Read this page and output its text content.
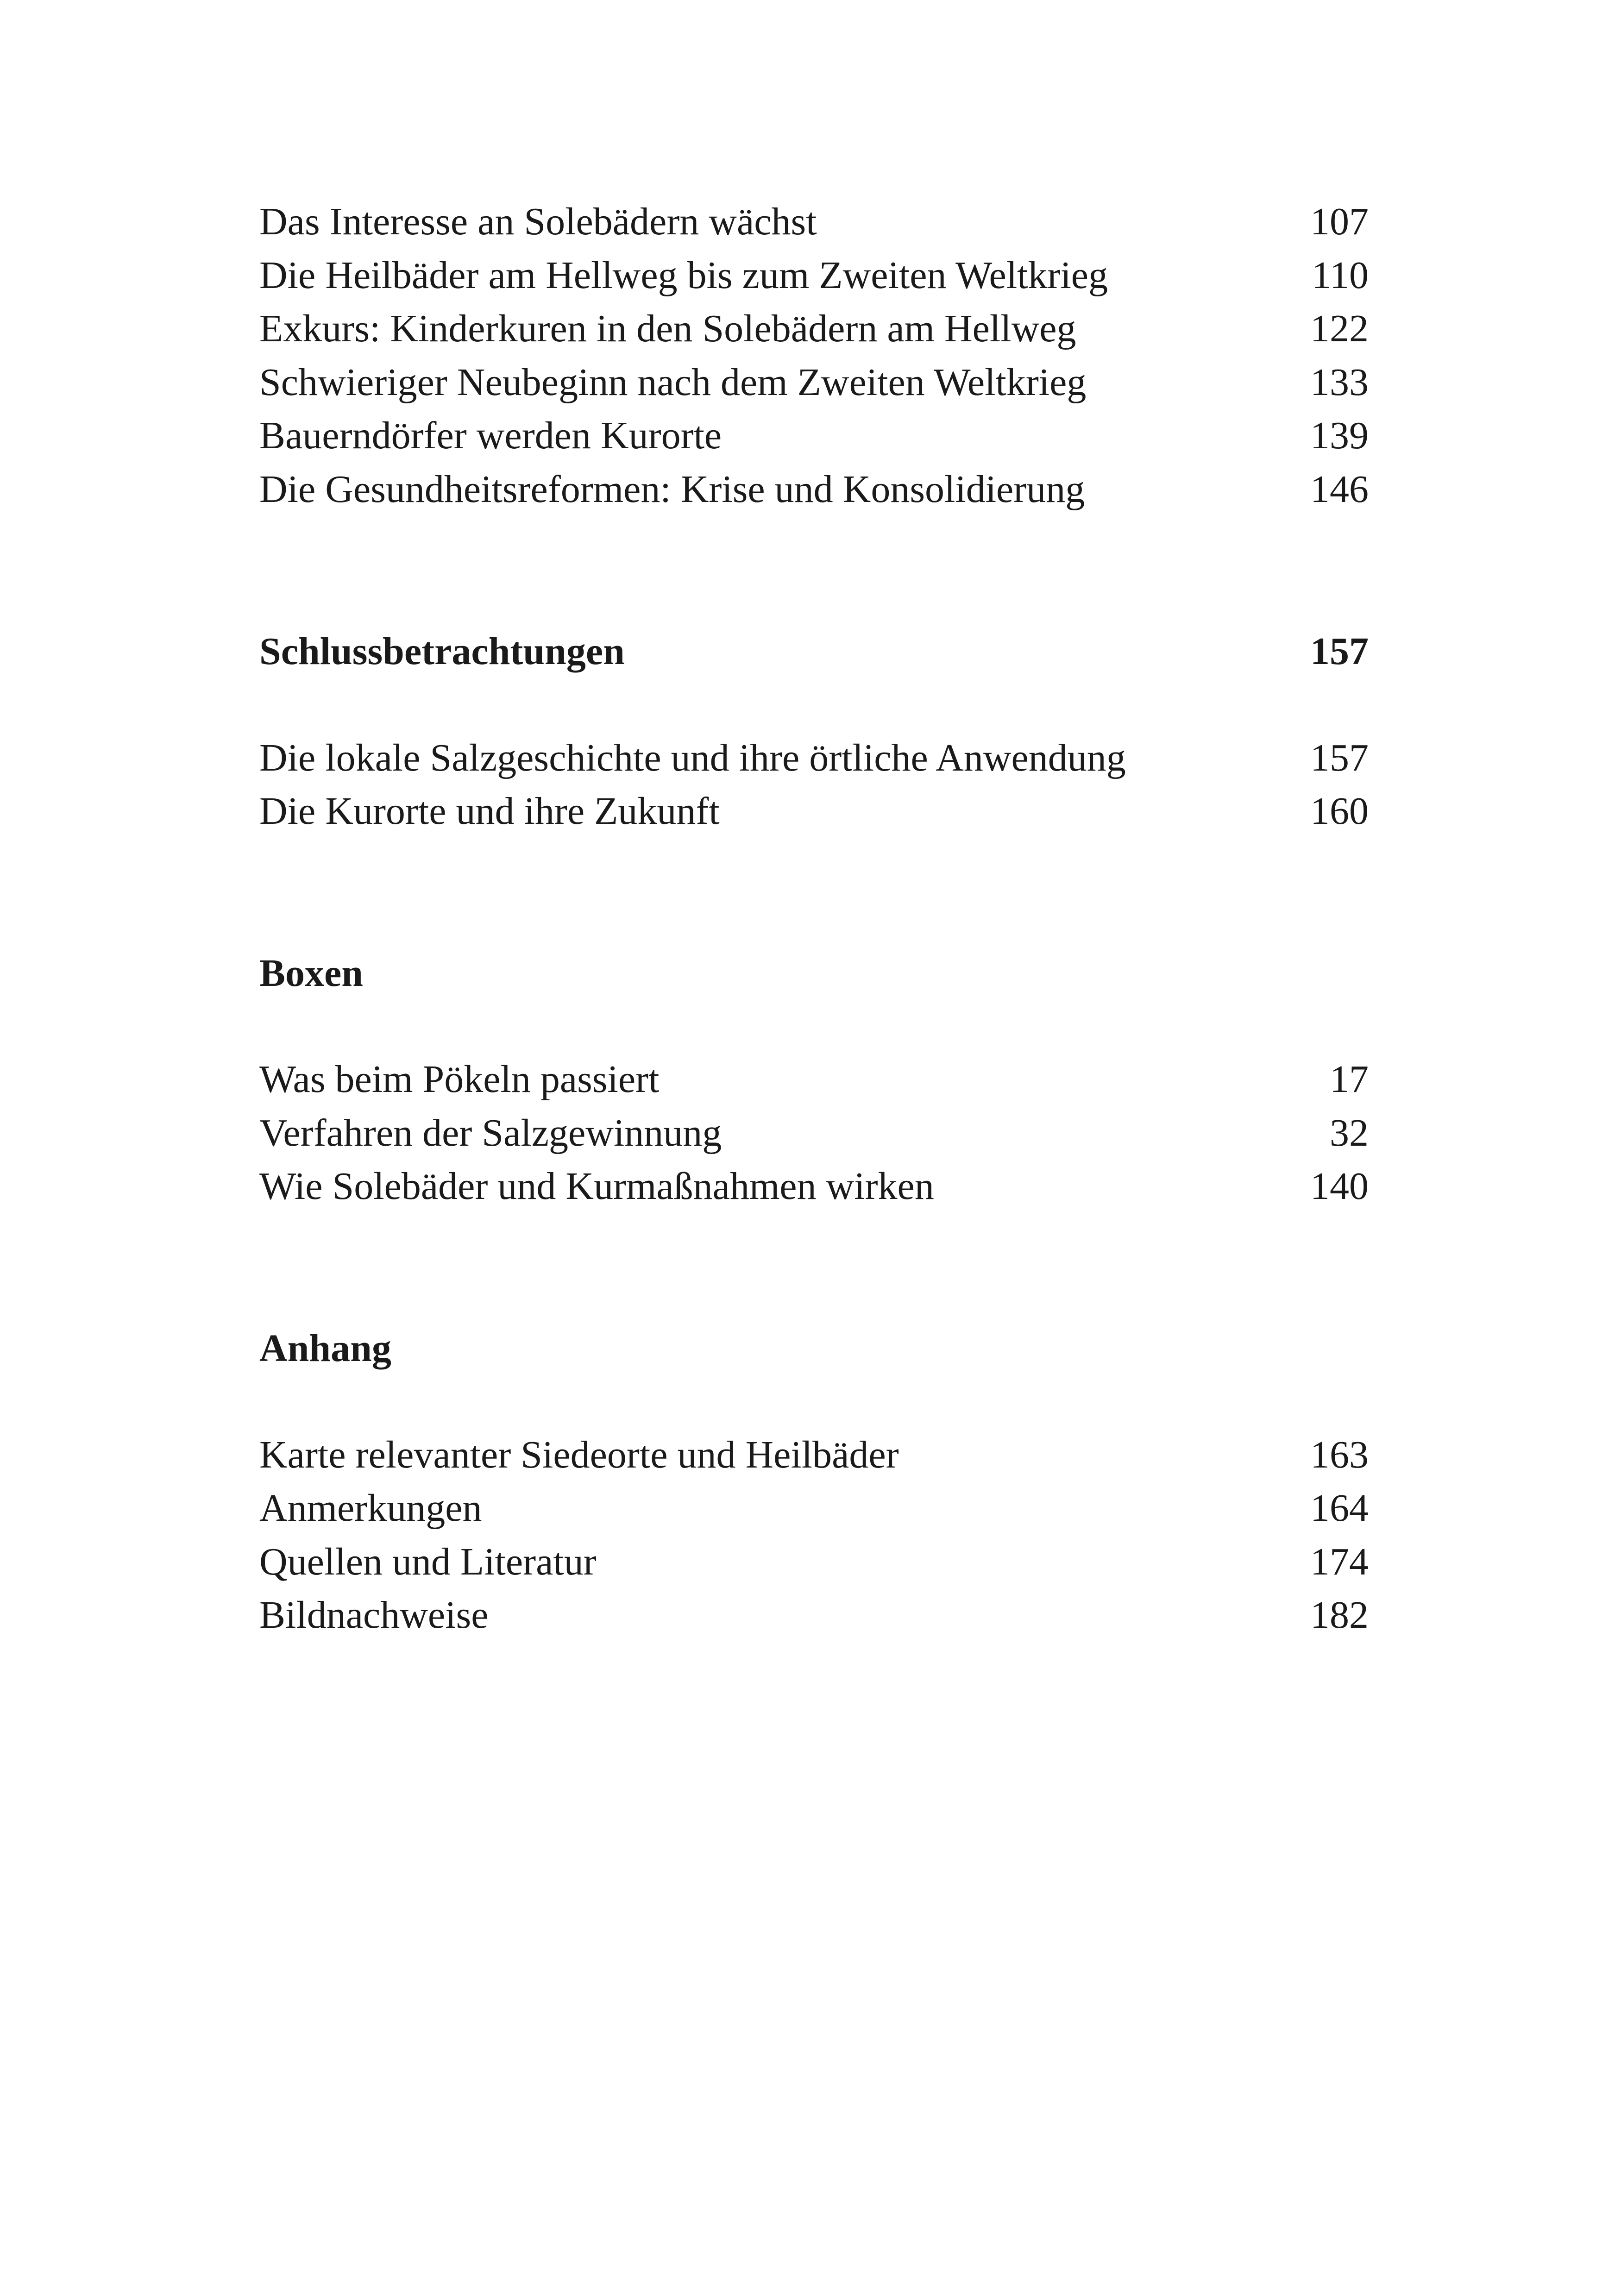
Das Interesse an Solebädern wächst	107
Die Heilbäder am Hellweg bis zum Zweiten Weltkrieg	110
Exkurs: Kinderkuren in den Solebädern am Hellweg	122
Schwieriger Neubeginn nach dem Zweiten Weltkrieg	133
Bauerndörfer werden Kurorte	139
Die Gesundheitsreformen: Krise und Konsolidierung	146
Schlussbetrachtungen	157
Die lokale Salzgeschichte und ihre örtliche Anwendung	157
Die Kurorte und ihre Zukunft	160
Boxen
Was beim Pökeln passiert	17
Verfahren der Salzgewinnung	32
Wie Solebäder und Kurmaßnahmen wirken	140
Anhang
Karte relevanter Siedeorte und Heilbäder	163
Anmerkungen	164
Quellen und Literatur	174
Bildnachweise	182
